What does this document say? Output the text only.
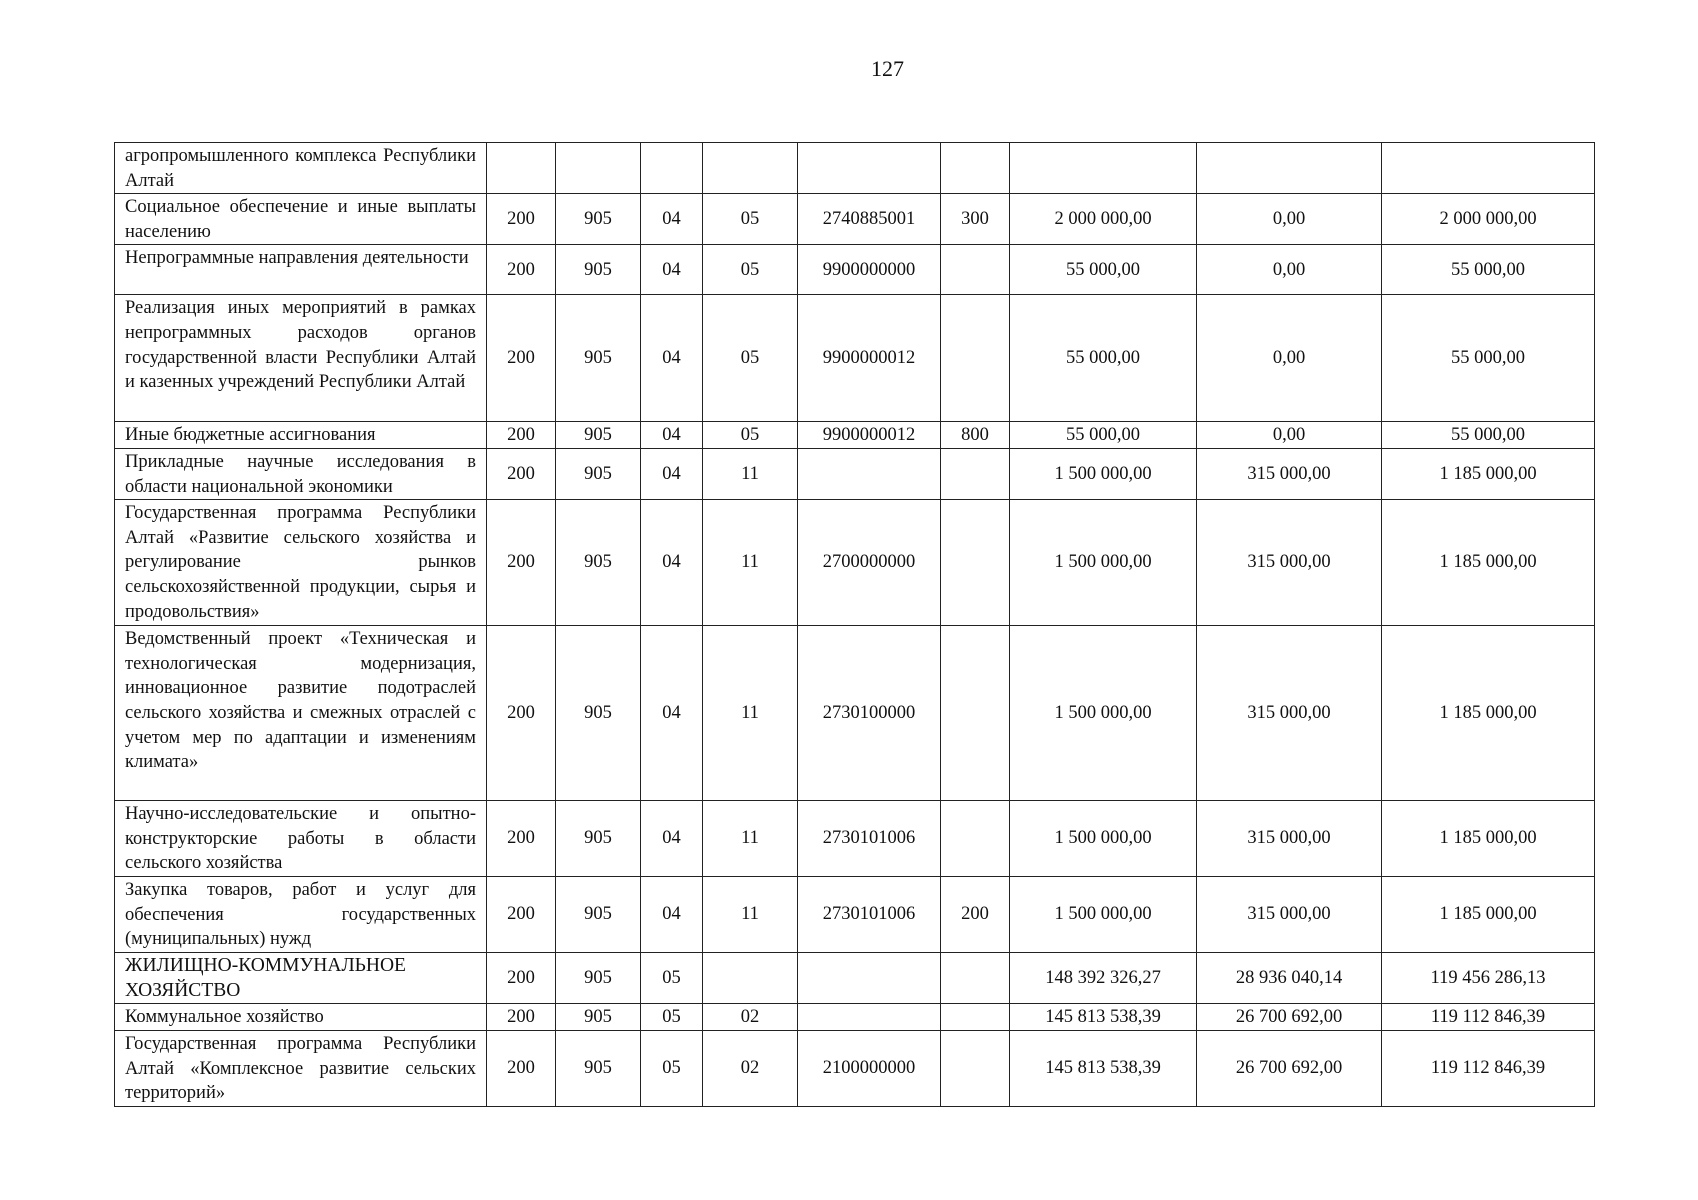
127
агропромышленного комплекса Республики Алтай									
Социальное обеспечение и иные выплаты населению	200	905	04	05	2740885001	300	2 000 000,00	0,00	2 000 000,00
Непрограммные направления деятельности	200	905	04	05	9900000000		55 000,00	0,00	55 000,00
Реализация иных мероприятий в рамках непрограммных расходов органов государственной власти Республики Алтай и казенных учреждений Республики Алтай	200	905	04	05	9900000012		55 000,00	0,00	55 000,00
Иные бюджетные ассигнования	200	905	04	05	9900000012	800	55 000,00	0,00	55 000,00
Прикладные научные исследования в области национальной экономики	200	905	04	11			1 500 000,00	315 000,00	1 185 000,00
Государственная программа Республики Алтай «Развитие сельского хозяйства и регулирование рынков сельскохозяйственной продукции, сырья и продовольствия»	200	905	04	11	2700000000		1 500 000,00	315 000,00	1 185 000,00
Ведомственный проект «Техническая и технологическая модернизация, инновационное развитие подотраслей сельского хозяйства и смежных отраслей с учетом мер по адаптации и изменениям климата»	200	905	04	11	2730100000		1 500 000,00	315 000,00	1 185 000,00
Научно-исследовательские и опытно-конструкторские работы в области сельского хозяйства	200	905	04	11	2730101006		1 500 000,00	315 000,00	1 185 000,00
Закупка товаров, работ и услуг для обеспечения государственных (муниципальных) нужд	200	905	04	11	2730101006	200	1 500 000,00	315 000,00	1 185 000,00
ЖИЛИЩНО-КОММУНАЛЬНОЕ ХОЗЯЙСТВО	200	905	05				148 392 326,27	28 936 040,14	119 456 286,13
Коммунальное хозяйство	200	905	05	02			145 813 538,39	26 700 692,00	119 112 846,39
Государственная программа Республики Алтай «Комплексное развитие сельских территорий»	200	905	05	02	2100000000		145 813 538,39	26 700 692,00	119 112 846,39
